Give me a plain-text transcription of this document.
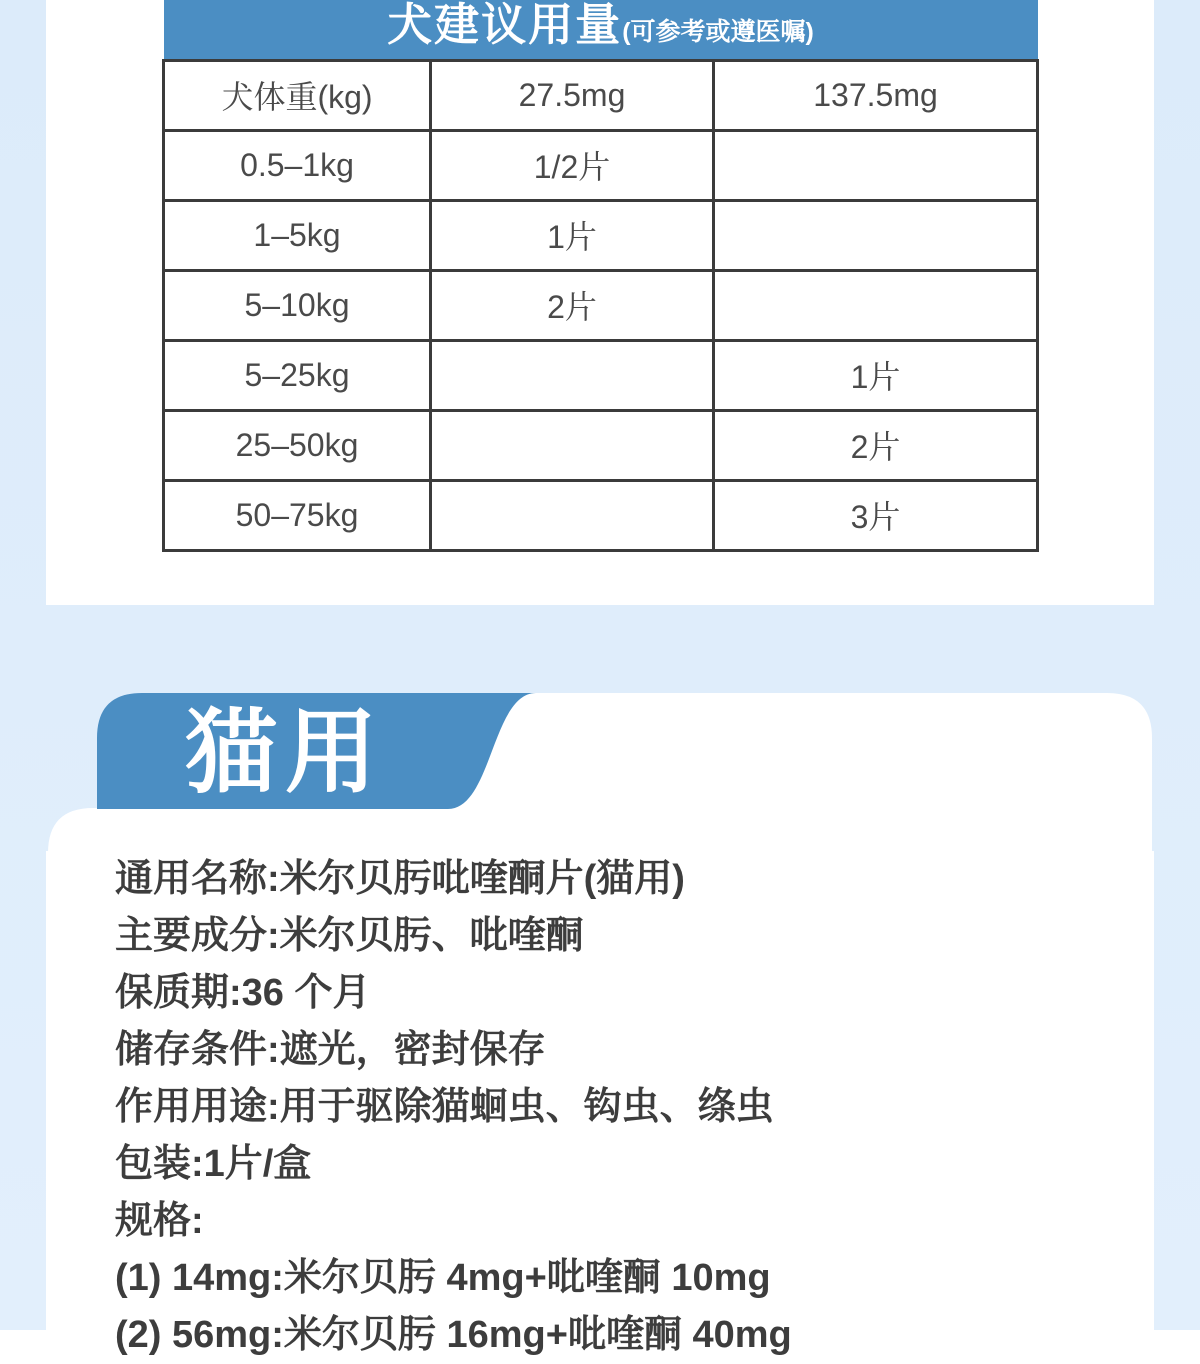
犬建议用量(可参考或遵医嘱)		
犬体重(kg)	27.5mg	137.5mg
0.5–1kg	1/2片	
1–5kg	1片	
5–10kg	2片	
5–25kg		1片
25–50kg		2片
50–75kg		3片
猫用
通用名称:米尔贝肟吡喹酮片(猫用)
主要成分:米尔贝肟、吡喹酮
保质期:36 个月
储存条件:遮光，密封保存
作用用途:用于驱除猫蛔虫、钩虫、绦虫
包装:1片/盒
规格:
(1) 14mg:米尔贝肟 4mg+吡喹酮 10mg
(2) 56mg:米尔贝肟 16mg+吡喹酮 40mg
